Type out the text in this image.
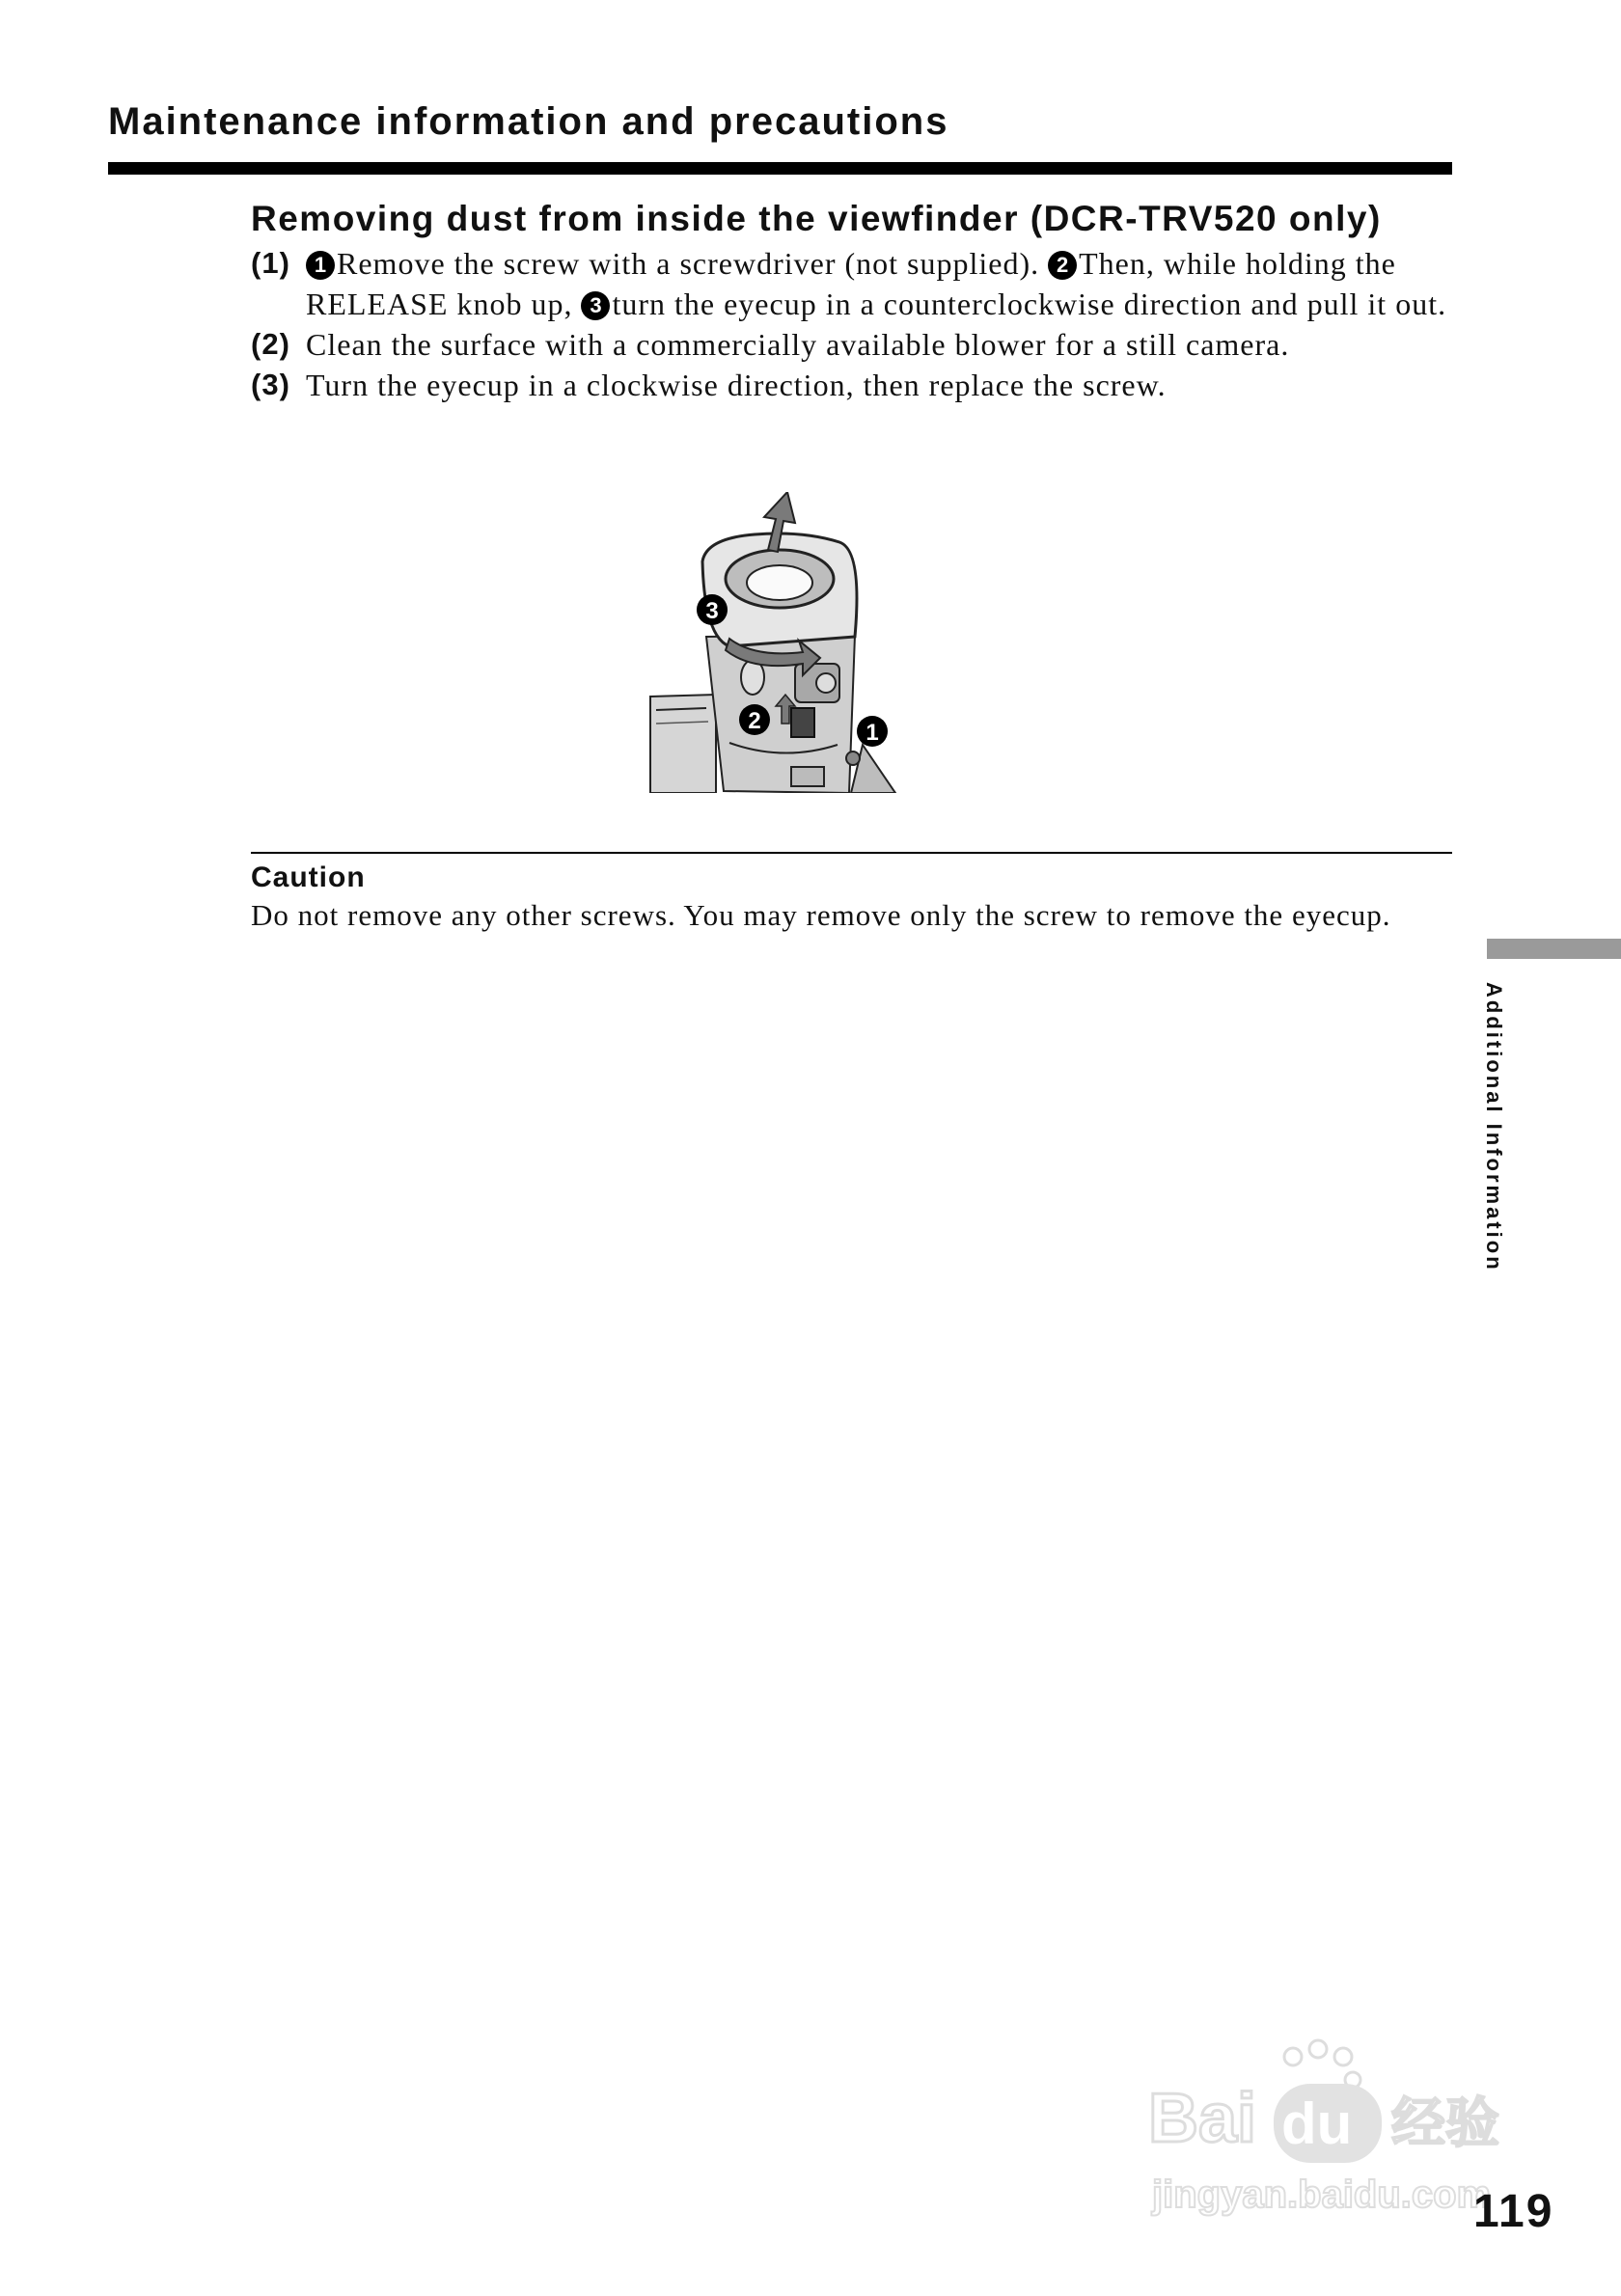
Maintenance information and precautions
Removing dust from inside the viewfinder (DCR-TRV520 only)
(1) 1 Remove the screw with a screwdriver (not supplied). 2 Then, while holding the RELEASE knob up, 3 turn the eyecup in a counterclockwise direction and pull it out.
(2) Clean the surface with a commercially available blower for a still camera.
(3) Turn the eyecup in a clockwise direction, then replace the screw.
3
2	1
Caution

Do not remove any other screws. You may remove only the screw to remove the eyecup.

Additional Information

Bai du 经验
jingyan.baidu.com

119
